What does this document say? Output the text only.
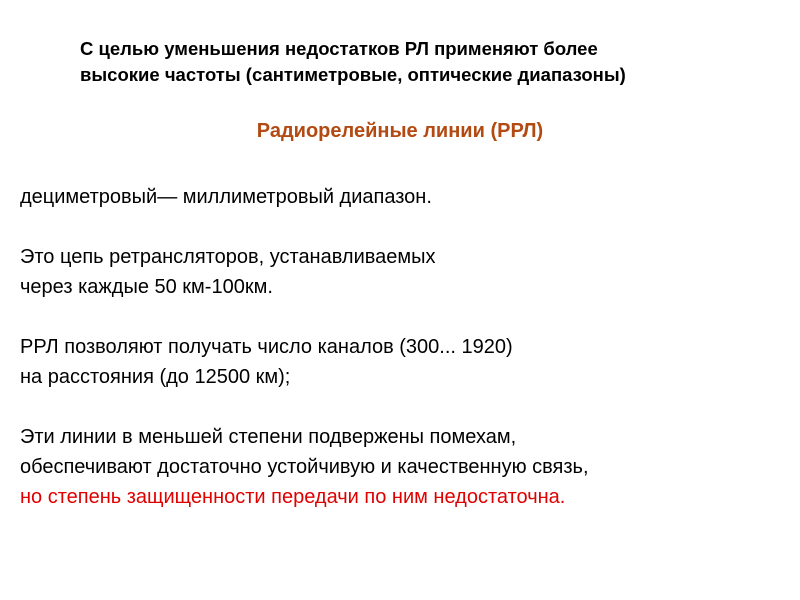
С целью уменьшения недостатков РЛ применяют более
высокие частоты (сантиметровые, оптические диапазоны)
Радиорелейные линии (РРЛ)
дециметровый— миллиметровый диапазон.
Это цепь ретрансляторов, устанавливаемых
через каждые 50 км-100км.
РРЛ позволяют получать число каналов (300... 1920)
на расстояния (до 12500 км);
Эти линии в меньшей степени подвержены помехам,
обеспечивают достаточно устойчивую и качественную связь,
но степень защищенности передачи по ним недостаточна.
